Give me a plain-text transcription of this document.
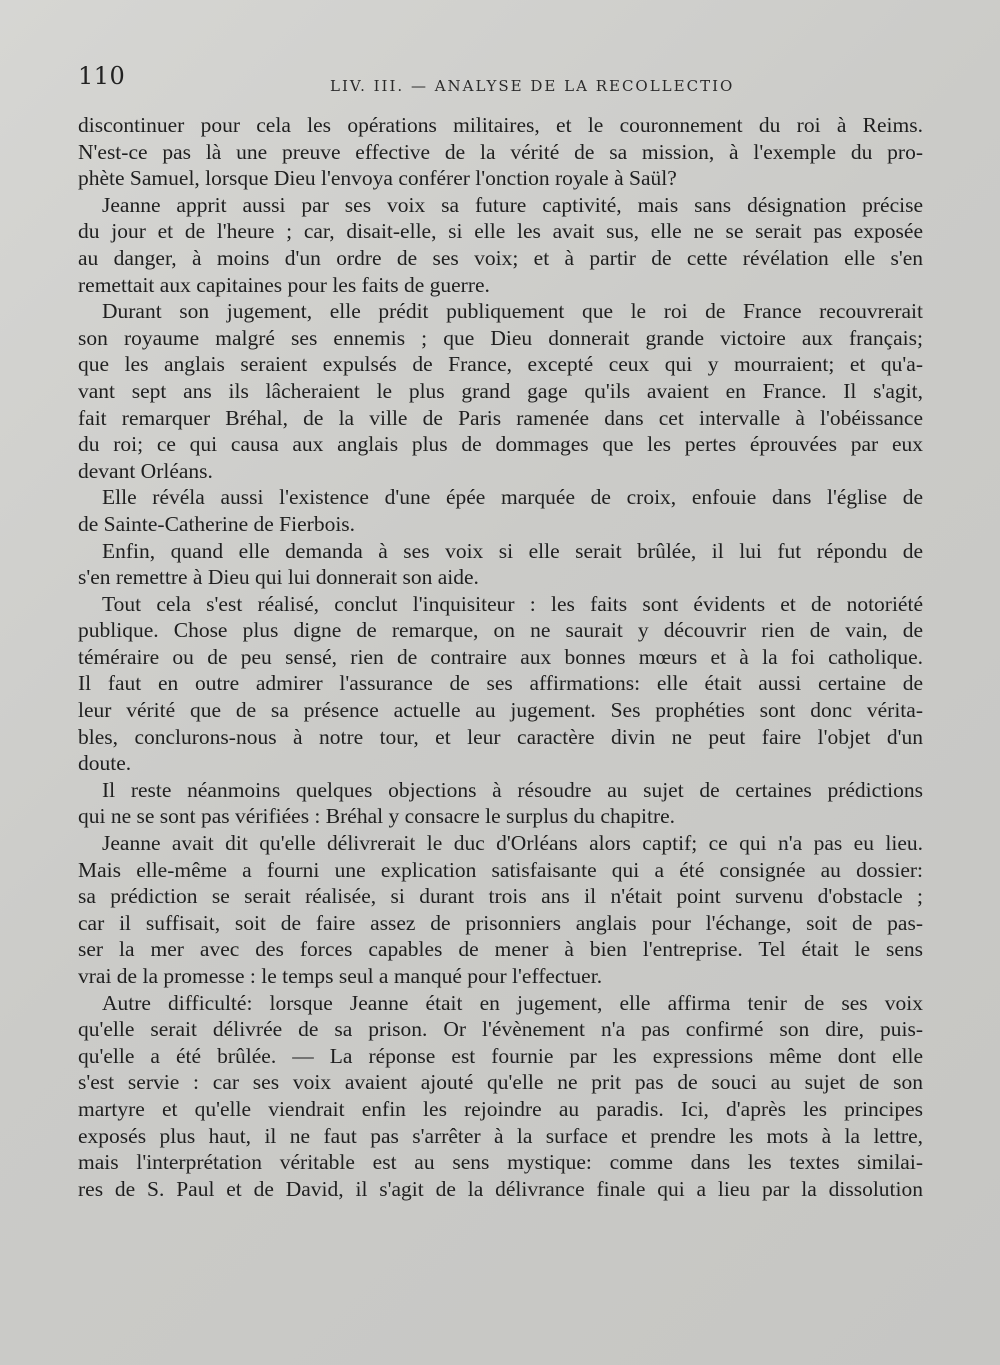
110	LIV. III. — ANALYSE DE LA RECOLLECTIO
discontinuer pour cela les opérations militaires, et le couronnement du roi à Reims.
N'est-ce pas là une preuve effective de la vérité de sa mission, à l'exemple du pro-
phète Samuel, lorsque Dieu l'envoya conférer l'onction royale à Saül?
Jeanne apprit aussi par ses voix sa future captivité, mais sans désignation précise
du jour et de l'heure ; car, disait-elle, si elle les avait sus, elle ne se serait pas exposée
au danger, à moins d'un ordre de ses voix; et à partir de cette révélation elle s'en
remettait aux capitaines pour les faits de guerre.
Durant son jugement, elle prédit publiquement que le roi de France recouvrerait
son royaume malgré ses ennemis ; que Dieu donnerait grande victoire aux français;
que les anglais seraient expulsés de France, excepté ceux qui y mourraient; et qu'a-
vant sept ans ils lâcheraient le plus grand gage qu'ils avaient en France. Il s'agit,
fait remarquer Bréhal, de la ville de Paris ramenée dans cet intervalle à l'obéissance
du roi; ce qui causa aux anglais plus de dommages que les pertes éprouvées par eux
devant Orléans.
Elle révéla aussi l'existence d'une épée marquée de croix, enfouie dans l'église de
de Sainte-Catherine de Fierbois.
Enfin, quand elle demanda à ses voix si elle serait brûlée, il lui fut répondu de
s'en remettre à Dieu qui lui donnerait son aide.
Tout cela s'est réalisé, conclut l'inquisiteur : les faits sont évidents et de notoriété
publique. Chose plus digne de remarque, on ne saurait y découvrir rien de vain, de
téméraire ou de peu sensé, rien de contraire aux bonnes mœurs et à la foi catholique.
Il faut en outre admirer l'assurance de ses affirmations: elle était aussi certaine de
leur vérité que de sa présence actuelle au jugement. Ses prophéties sont donc vérita-
bles, conclurons-nous à notre tour, et leur caractère divin ne peut faire l'objet d'un
doute.
Il reste néanmoins quelques objections à résoudre au sujet de certaines prédictions
qui ne se sont pas vérifiées : Bréhal y consacre le surplus du chapitre.
Jeanne avait dit qu'elle délivrerait le duc d'Orléans alors captif; ce qui n'a pas eu lieu.
Mais elle-même a fourni une explication satisfaisante qui a été consignée au dossier:
sa prédiction se serait réalisée, si durant trois ans il n'était point survenu d'obstacle ;
car il suffisait, soit de faire assez de prisonniers anglais pour l'échange, soit de pas-
ser la mer avec des forces capables de mener à bien l'entreprise. Tel était le sens
vrai de la promesse : le temps seul a manqué pour l'effectuer.
Autre difficulté: lorsque Jeanne était en jugement, elle affirma tenir de ses voix
qu'elle serait délivrée de sa prison. Or l'évènement n'a pas confirmé son dire, puis-
qu'elle a été brûlée. — La réponse est fournie par les expressions même dont elle
s'est servie : car ses voix avaient ajouté qu'elle ne prit pas de souci au sujet de son
martyre et qu'elle viendrait enfin les rejoindre au paradis. Ici, d'après les principes
exposés plus haut, il ne faut pas s'arrêter à la surface et prendre les mots à la lettre,
mais l'interprétation véritable est au sens mystique: comme dans les textes similai-
res de S. Paul et de David, il s'agit de la délivrance finale qui a lieu par la dissolution
